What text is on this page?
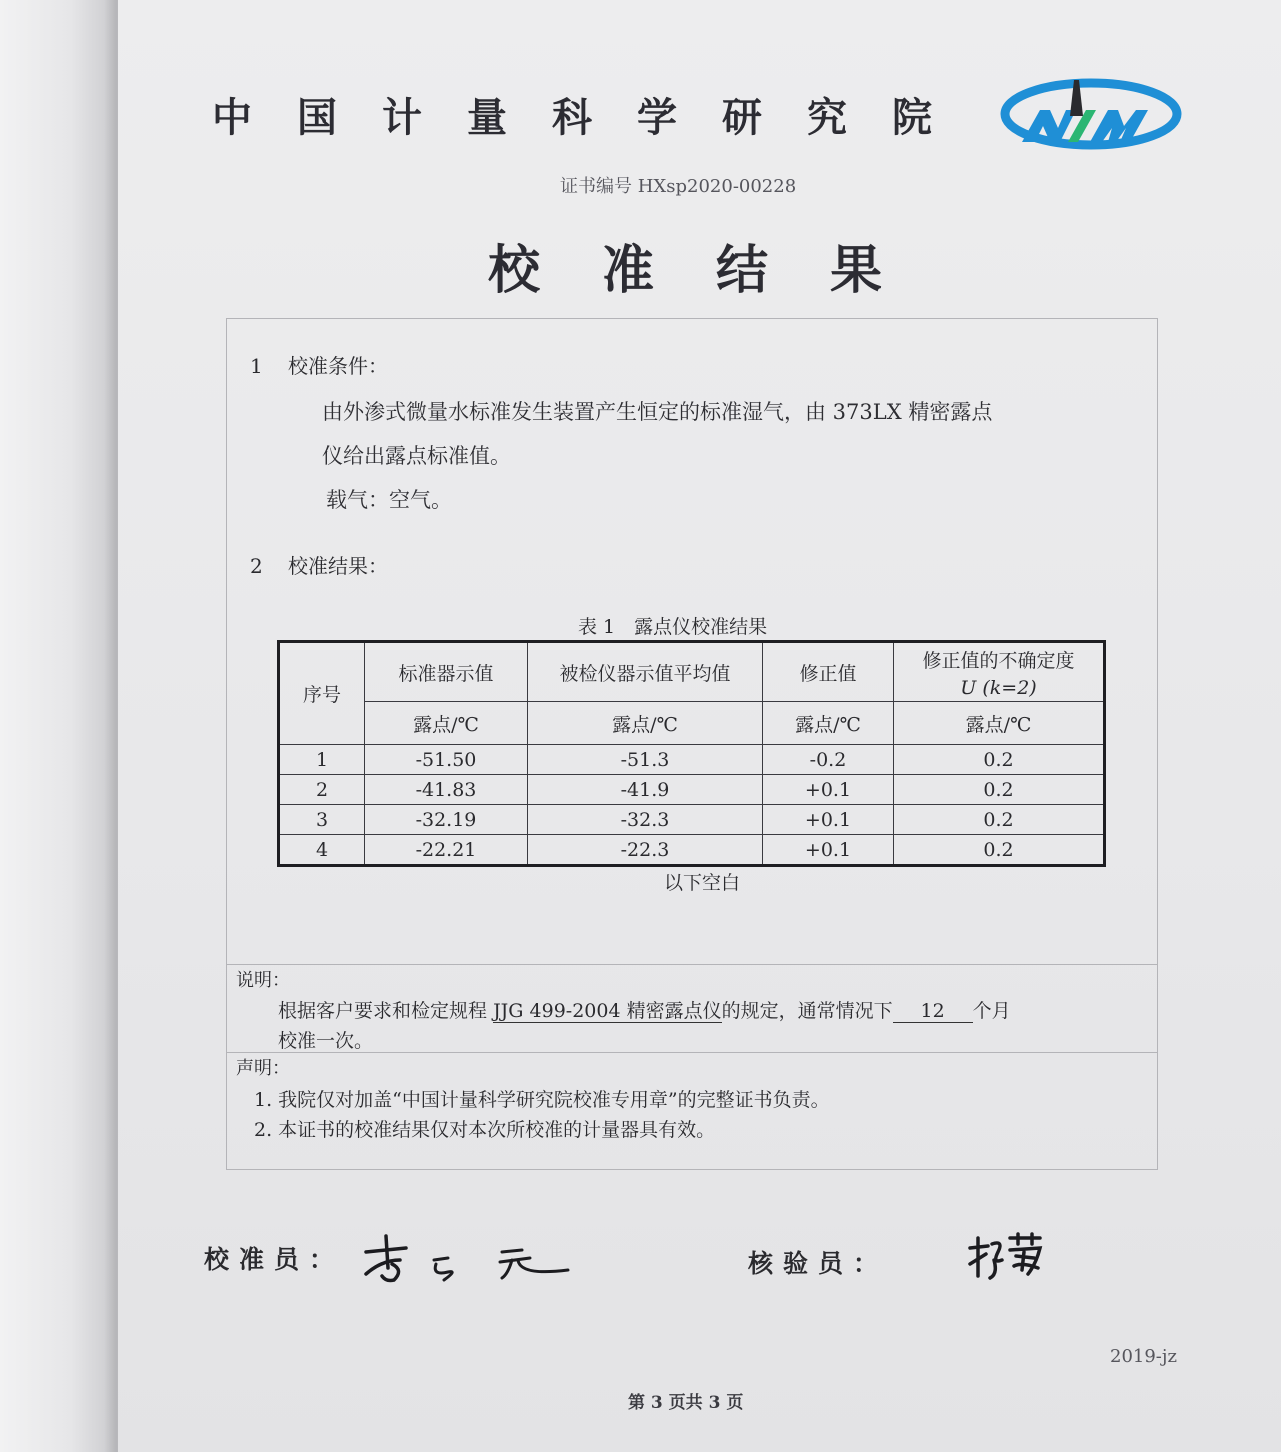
中国计量科学研究院
证书编号 HXsp2020-00228
校准结果
1 校准条件：
由外渗式微量水标准发生装置产生恒定的标准湿气，由 373LX 精密露点
仪给出露点标准值。
载气：空气。
2 校准结果：
表 1　露点仪校准结果
序号	标准器示值	被检仪器示值平均值	修正值	修正值的不确定度
U (k=2)

	露点/℃	露点/℃	露点/℃	露点/℃
1	-51.50	-51.3	-0.2	0.2
2	-41.83	-41.9	+0.1	0.2
3	-32.19	-32.3	+0.1	0.2
4	-22.21	-22.3	+0.1	0.2
以下空白
说明：
根据客户要求和检定规程 JJG 499-2004 精密露点仪的规定，通常情况下 12 个月
校准一次。
声明：
1. 我院仅对加盖“中国计量科学研究院校准专用章”的完整证书负责。
2. 本证书的校准结果仅对本次所校准的计量器具有效。
校准员：	核验员：
2019-jz
第 3 页共 3 页
